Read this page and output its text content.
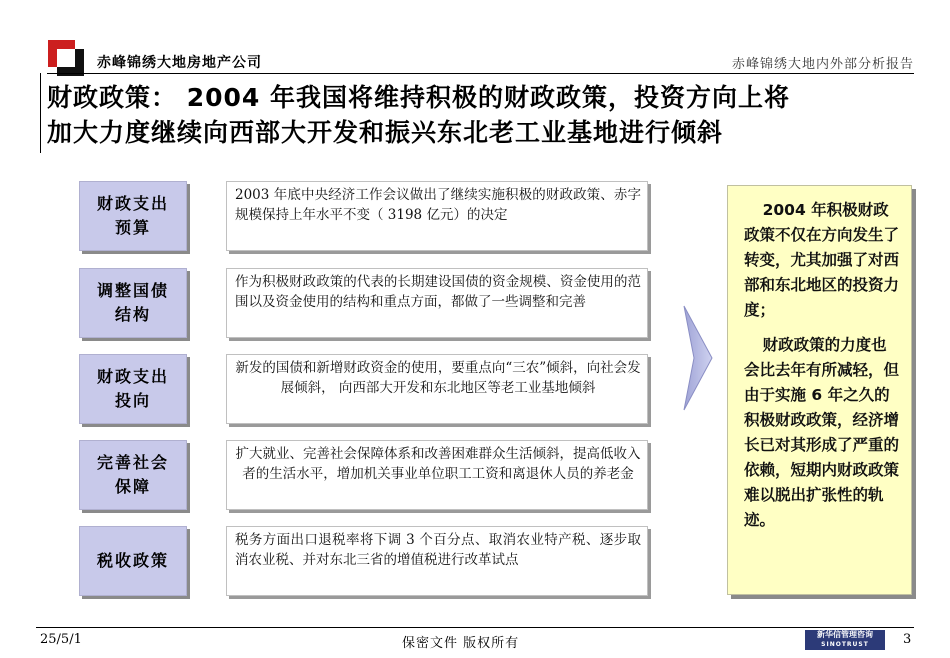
赤峰锦绣大地房地产公司	赤峰锦绣大地内外部分析报告
财政政策： 2004 年我国将维持积极的财政政策，投资方向上将
加大力度继续向西部大开发和振兴东北老工业基地进行倾斜
财政支出
预算
2003 年底中央经济工作会议做出了继续实施积极的财政政策、赤字规模保持上年水平不变（ 3198 亿元）的决定
调整国债
结构
作为积极财政政策的代表的长期建设国债的资金规模、资金使用的范围以及资金使用的结构和重点方面，都做了一些调整和完善
财政支出
投向
新发的国债和新增财政资金的使用，要重点向“三农”倾斜，向社会发展倾斜， 向西部大开发和东北地区等老工业基地倾斜
完善社会
保障
扩大就业、完善社会保障体系和改善困难群众生活倾斜，提高低收入者的生活水平，增加机关事业单位职工工资和离退休人员的养老金
税收政策
税务方面出口退税率将下调 3 个百分点、取消农业特产税、逐步取消农业税、并对东北三省的增值税进行改革试点

2004 年积极财政政策不仅在方向发生了转变，尤其加强了对西部和东北地区的投资力度；

财政政策的力度也会比去年有所减轻，但由于实施 6 年之久的积极财政政策，经济增长已对其形成了严重的依赖，短期内财政政策难以脱出扩张性的轨迹。

25/5/1	保密文件 版权所有
新华信管理咨询
SINOTRUST	3
